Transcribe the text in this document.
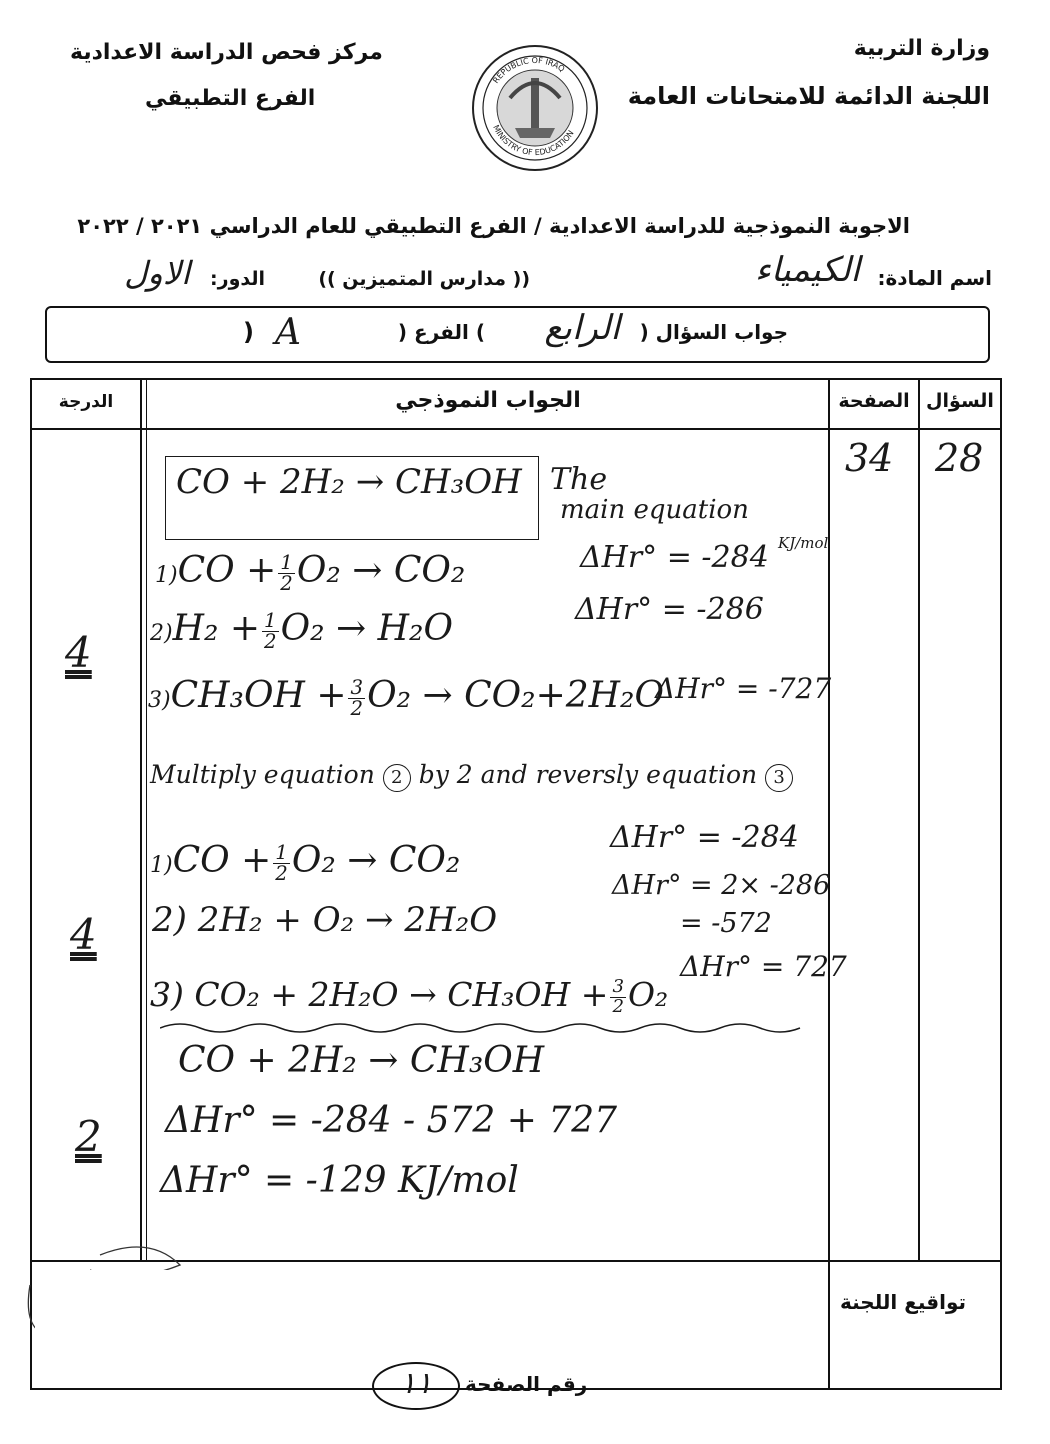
وزارة التربية
اللجنة الدائمة للامتحانات العامة
مركز فحص الدراسة الاعدادية
الفرع التطبيقي
REPUBLIC OF IRAQ
MINISTRY OF EDUCATION
الاجوبة النموذجية للدراسة الاعدادية / الفرع التطبيقي للعام الدراسي ٢٠٢١ / ٢٠٢٢
اسم المادة:
الكيمياء
(( مدارس المتميزين ))
الدور:
الاول
جواب السؤال (
الرابع
) الفرع (
A
)
السؤال
الصفحة
الجواب النموذجي
الدرجة
28
34
4
4
2
CO + 2H₂ → CH₃OH The
main equation
$1)CO + \frac{1}{2} O_2 \to CO_2$	ΔHr° = -284 KJ/mol
$2)H_2 + \frac{1}{2} O_2 \to H_2O$	ΔHr° = -286
$3)CH_3OH + \frac{3}{2} O_2 \to CO_2+2H_2O$
ΔHr° = -727
Multiply equation 2 by 2 and reversly equation 3
$1)CO + \frac{1}{2} O_2 \to CO_2$
ΔHr° = -284
2) 2H₂ + O₂ → 2H₂O
ΔHr° = 2× -286
= -572
3) $CO_2 + 2H_2O \to CH_3OH + \frac{3}{2} O_2$
ΔHr° = 727
CO + 2H₂ → CH₃OH
ΔHr° = -284 - 572 + 727
ΔHr° = -129 KJ/mol
تواقيع اللجنة
رقم الصفحة
١١
